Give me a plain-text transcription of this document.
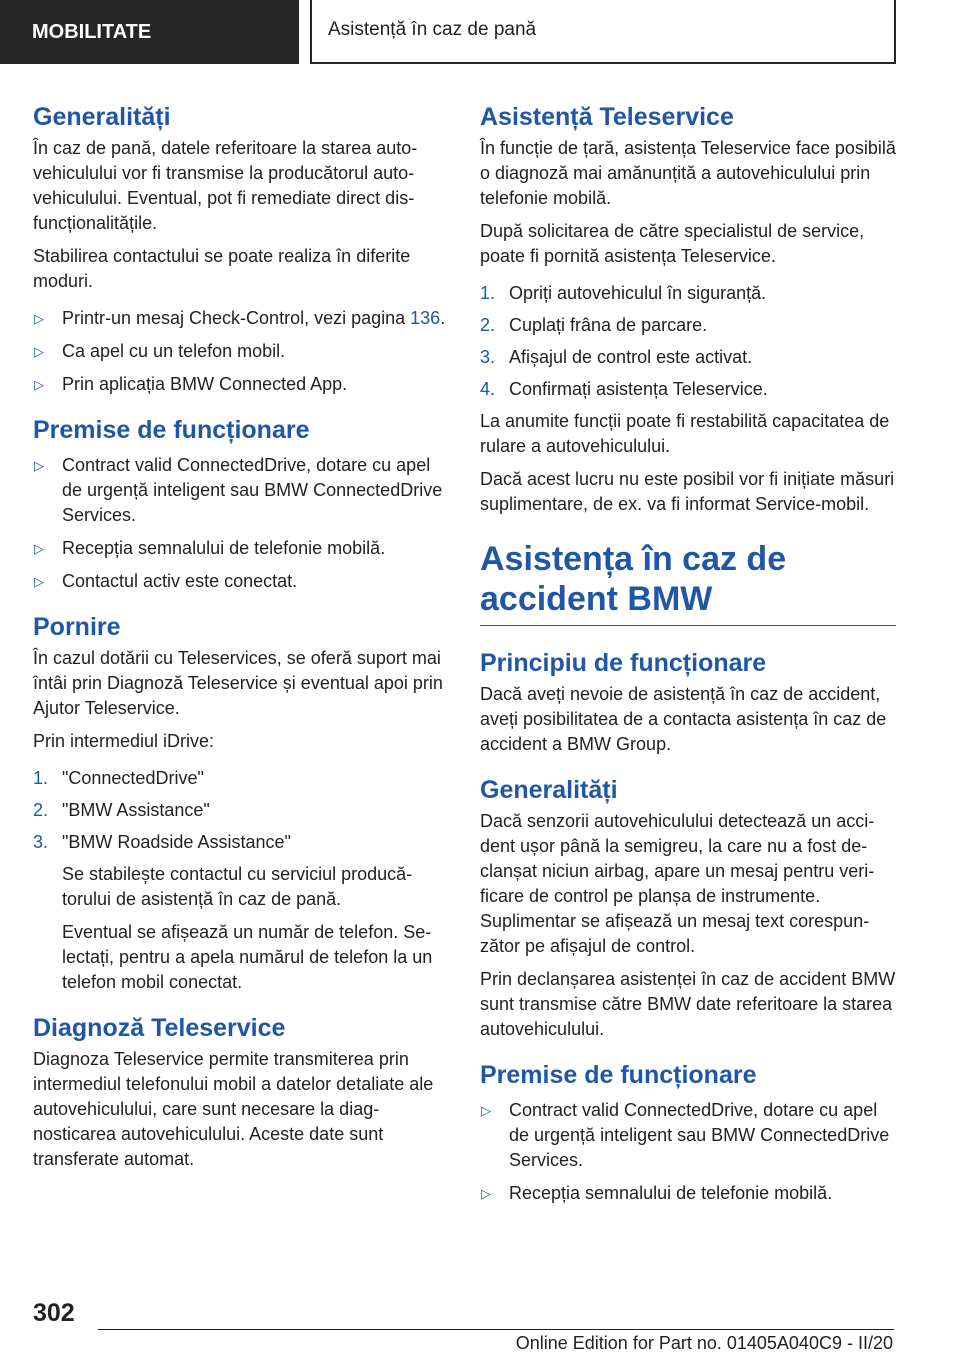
MOBILITATE	Asistență în caz de pană
Generalități
În caz de pană, datele referitoare la starea autovehiculului vor fi transmise la producătorul autovehiculului. Eventual, pot fi remediate direct disfuncționalitățile.
Stabilirea contactului se poate realiza în diferite moduri.
▷ Printr-un mesaj Check-Control, vezi pagina 136.
▷ Ca apel cu un telefon mobil.
▷ Prin aplicația BMW Connected App.
Premise de funcționare
▷ Contract valid ConnectedDrive, dotare cu apel de urgență inteligent sau BMW ConnectedDrive Services.
▷ Recepția semnalului de telefonie mobilă.
▷ Contactul activ este conectat.
Pornire
În cazul dotării cu Teleservices, se oferă suport mai întâi prin Diagnoză Teleservice și eventual apoi prin Ajutor Teleservice.
Prin intermediul iDrive:
1. "ConnectedDrive"
2. "BMW Assistance"
3. "BMW Roadside Assistance"
Se stabilește contactul cu serviciul producătorului de asistență în caz de pană.
Eventual se afișează un număr de telefon. Selectați, pentru a apela numărul de telefon la un telefon mobil conectat.
Diagnoză Teleservice
Diagnoza Teleservice permite transmiterea prin intermediul telefonului mobil a datelor detaliate ale autovehiculului, care sunt necesare la diagnosticarea autovehiculului. Aceste date sunt transferate automat.
Asistență Teleservice
În funcție de țară, asistența Teleservice face posibilă o diagnoză mai amănunțită a autovehiculului prin telefonie mobilă.
După solicitarea de către specialistul de service, poate fi pornită asistența Teleservice.
1. Opriți autovehiculul în siguranță.
2. Cuplați frâna de parcare.
3. Afișajul de control este activat.
4. Confirmați asistența Teleservice.
La anumite funcții poate fi restabilită capacitatea de rulare a autovehiculului.
Dacă acest lucru nu este posibil vor fi inițiate măsuri suplimentare, de ex. va fi informat Service-mobil.
Asistența în caz de accident BMW
Principiu de funcționare
Dacă aveți nevoie de asistență în caz de accident, aveți posibilitatea de a contacta asistența în caz de accident a BMW Group.
Generalități
Dacă senzorii autovehiculului detectează un accident ușor până la semigreu, la care nu a fost declanșat niciun airbag, apare un mesaj pentru verificare de control pe planșa de instrumente. Suplimentar se afișează un mesaj text corespunzător pe afișajul de control.
Prin declanșarea asistenței în caz de accident BMW sunt transmise către BMW date referitoare la starea autovehiculului.
Premise de funcționare
▷ Contract valid ConnectedDrive, dotare cu apel de urgență inteligent sau BMW ConnectedDrive Services.
▷ Recepția semnalului de telefonie mobilă.
302
Online Edition for Part no. 01405A040C9 - II/20
